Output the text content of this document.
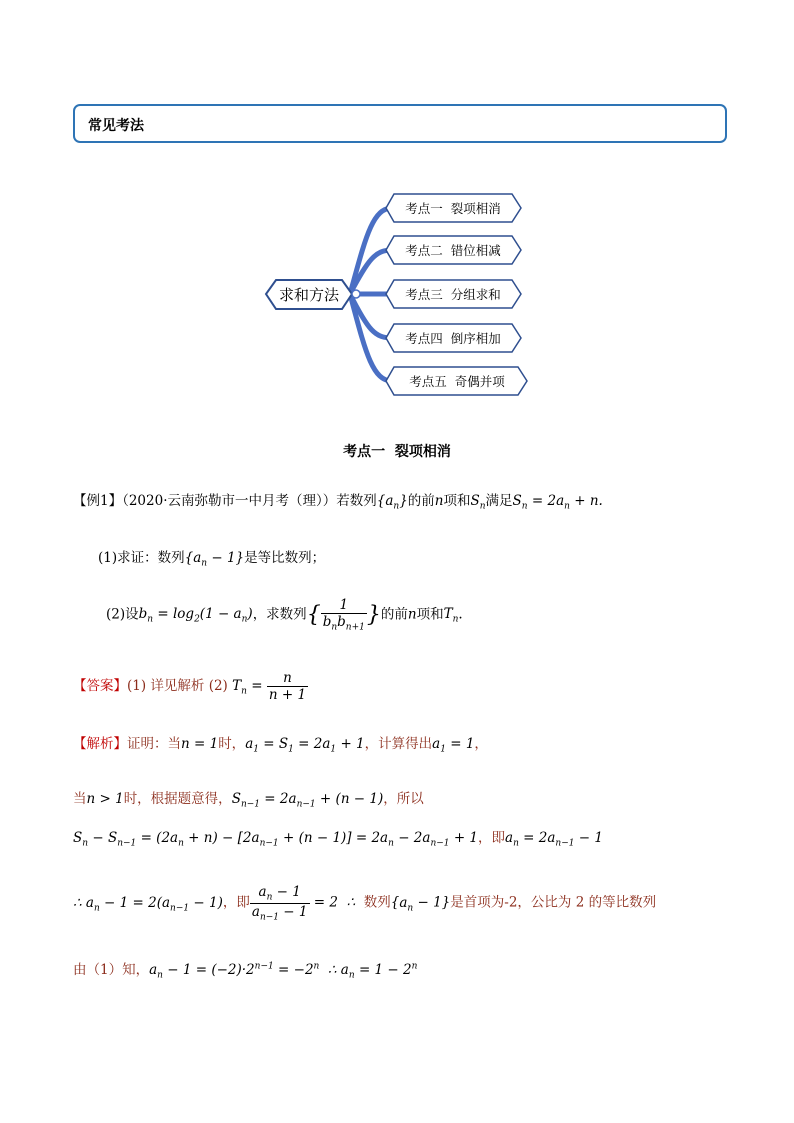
常见考法
求和方法
考点一  裂项相消
考点二  错位相减
考点三  分组求和
考点四  倒序相加
考点五  奇偶并项
考点一  裂项相消
【例1】（2020·云南弥勒市一中月考（理））若数列$\{a_n\}$的前n项和$S_n$满足$S_n = 2a_n + n$.
(1)求证：数列$\{a_n - 1\}$是等比数列；
(2)设$b_n = \log_2(1 - a_n)$，求数列{ $\frac{1}{b_nb_{n+1}}$ }的前n项和$T_n$.
【答案】(1) 详见解析 (2) $T_n = \frac{n}{n + 1}$
【解析】证明：当n = 1时，$a_1 = S_1 = 2a_1 + 1$，计算得出$a_1 = 1$，
当n > 1时，根据题意得，$S_{n-1} = 2a_{n-1} + (n - 1)$，所以
$S_n - S_{n-1} = (2a_n + n) - [2a_{n-1} + (n - 1)] = 2a_n - 2a_{n-1} + 1$，即$a_n = 2a_{n-1} - 1$
∴ $a_n - 1 = 2(a_{n-1} - 1)$，即 $\frac{a_n - 1}{a_{n-1} - 1} = 2$  ∴  数列$\{a_n - 1\}$是首项为-2，公比为 2 的等比数列
由（1）知，$a_n - 1 = (-2)\cdot 2^{n-1} = -2^n$  ∴ $a_n = 1 - 2^n$
